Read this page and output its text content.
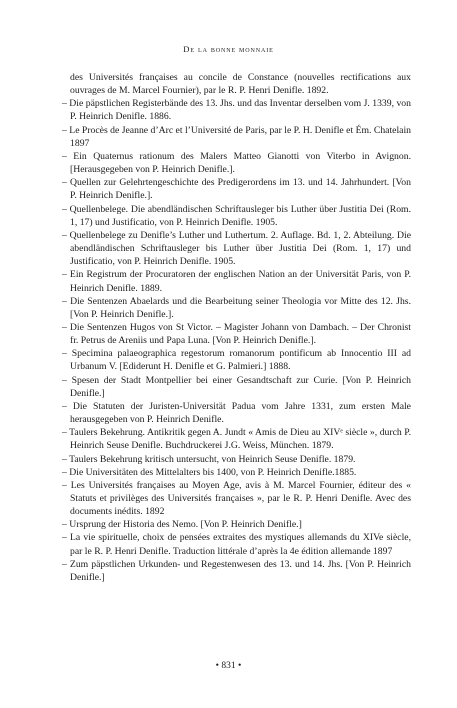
De la bonne monnaie

des Universités françaises au concile de Constance (nouvelles rectifications aux ouvrages de M. Marcel Fournier), par le R. P. Henri Denifle. 1892.

– Die päpstlichen Registerbände des 13. Jhs. und das Inventar derselben vom J. 1339, von P. Heinrich Denifle. 1886.

– Le Procès de Jeanne d’Arc et l’Université de Paris, par le P. H. Denifle et Ém. Chatelain 1897

– Ein Quaternus rationum des Malers Matteo Gianotti von Viterbo in Avignon. [Herausgegeben von P. Heinrich Denifle.].

– Quellen zur Gelehrtengeschichte des Predigerordens im 13. und 14. Jahrhundert. [Von P. Heinrich Denifle.].

– Quellenbelege. Die abendländischen Schriftausleger bis Luther über Justitia Dei (Rom. 1, 17) und Justificatio, von P. Heinrich Denifle. 1905.

– Quellenbelege zu Denifle’s Luther und Luthertum. 2. Auflage. Bd. 1, 2. Abteilung. Die abendländischen Schriftausleger bis Luther über Justitia Dei (Rom. 1, 17) und Justificatio, von P. Heinrich Denifle. 1905.

– Ein Registrum der Procuratoren der englischen Nation an der Universität Paris, von P. Heinrich Denifle. 1889.

– Die Sentenzen Abaelards und die Bearbeitung seiner Theologia vor Mitte des 12. Jhs. [Von P. Heinrich Denifle.].

– Die Sentenzen Hugos von St Victor. – Magister Johann von Dambach. – Der Chronist fr. Petrus de Areniis und Papa Luna. [Von P. Heinrich Denifle.].

– Specimina palaeographica regestorum romanorum pontificum ab Innocentio III ad Urbanum V. [Ediderunt H. Denifle et G. Palmieri.] 1888.

– Spesen der Stadt Montpellier bei einer Gesandtschaft zur Curie. [Von P. Heinrich Denifle.]

– Die Statuten der Juristen-Universität Padua vom Jahre 1331, zum ersten Male herausgegeben von P. Heinrich Denifle.

– Taulers Bekehrung. Antikritik gegen A. Jundt « Amis de Dieu au XIVᵉ siècle », durch P. Heinrich Seuse Denifle. Buchdruckerei J.G. Weiss, München. 1879.

– Taulers Bekehrung kritisch untersucht, von Heinrich Seuse Denifle. 1879.

– Die Universitäten des Mittelalters bis 1400, von P. Heinrich Denifle.1885.

– Les Universités françaises au Moyen Age, avis à M. Marcel Fournier, éditeur des « Statuts et privilèges des Universités françaises », par le R. P. Henri Denifle. Avec des documents inédits. 1892

– Ursprung der Historia des Nemo. [Von P. Heinrich Denifle.]

– La vie spirituelle, choix de pensées extraites des mystiques allemands du XIVe siècle, par le R. P. Henri Denifle. Traduction littérale d’après la 4e édition allemande 1897

– Zum päpstlichen Urkunden- und Regestenwesen des 13. und 14. Jhs. [Von P. Heinrich Denifle.]

• 831 •
